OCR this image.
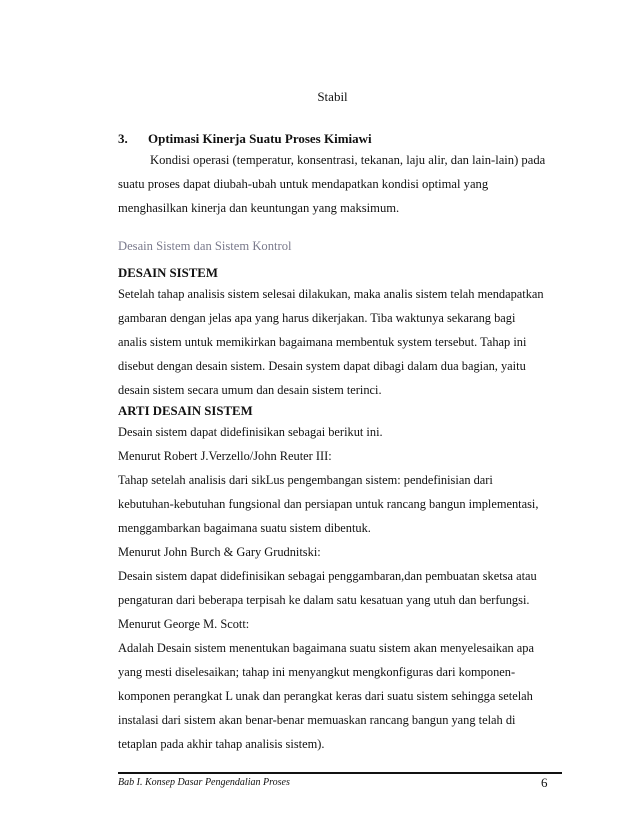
Stabil
3. Optimasi Kinerja Suatu Proses Kimiawi
Kondisi operasi (temperatur, konsentrasi, tekanan, laju alir, dan lain-lain) pada
suatu proses dapat diubah-ubah untuk mendapatkan kondisi optimal yang
menghasilkan kinerja dan keuntungan yang maksimum.
Desain Sistem dan Sistem Kontrol
DESAIN SISTEM
Setelah tahap analisis sistem selesai dilakukan, maka analis sistem telah mendapatkan
gambaran dengan jelas apa yang harus dikerjakan. Tiba waktunya sekarang bagi
analis sistem untuk memikirkan bagaimana membentuk system tersebut. Tahap ini
disebut dengan desain sistem. Desain system dapat dibagi dalam dua bagian, yaitu
desain sistem secara umum dan desain sistem terinci.
ARTI DESAIN SISTEM
Desain sistem dapat didefinisikan sebagai berikut ini.
Menurut Robert J.Verzello/John Reuter III:
Tahap setelah analisis dari sikLus pengembangan sistem: pendefinisian dari
kebutuhan-kebutuhan fungsional dan persiapan untuk rancang bangun implementasi,
menggambarkan bagaimana suatu sistem dibentuk.
Menurut John Burch & Gary Grudnitski:
Desain sistem dapat didefinisikan sebagai penggambaran,dan pembuatan sketsa atau
pengaturan dari beberapa terpisah ke dalam satu kesatuan yang utuh dan berfungsi.
Menurut George M. Scott:
Adalah Desain sistem menentukan bagaimana suatu sistem akan menyelesaikan apa
yang mesti diselesaikan; tahap ini menyangkut mengkonfiguras dari komponen-
komponen perangkat L unak dan perangkat keras dari suatu sistem sehingga setelah
instalasi dari sistem akan benar-benar memuaskan rancang bangun yang telah di
tetaplan pada akhir tahap analisis sistem).
Bab I. Konsep Dasar Pengendalian Proses	6
